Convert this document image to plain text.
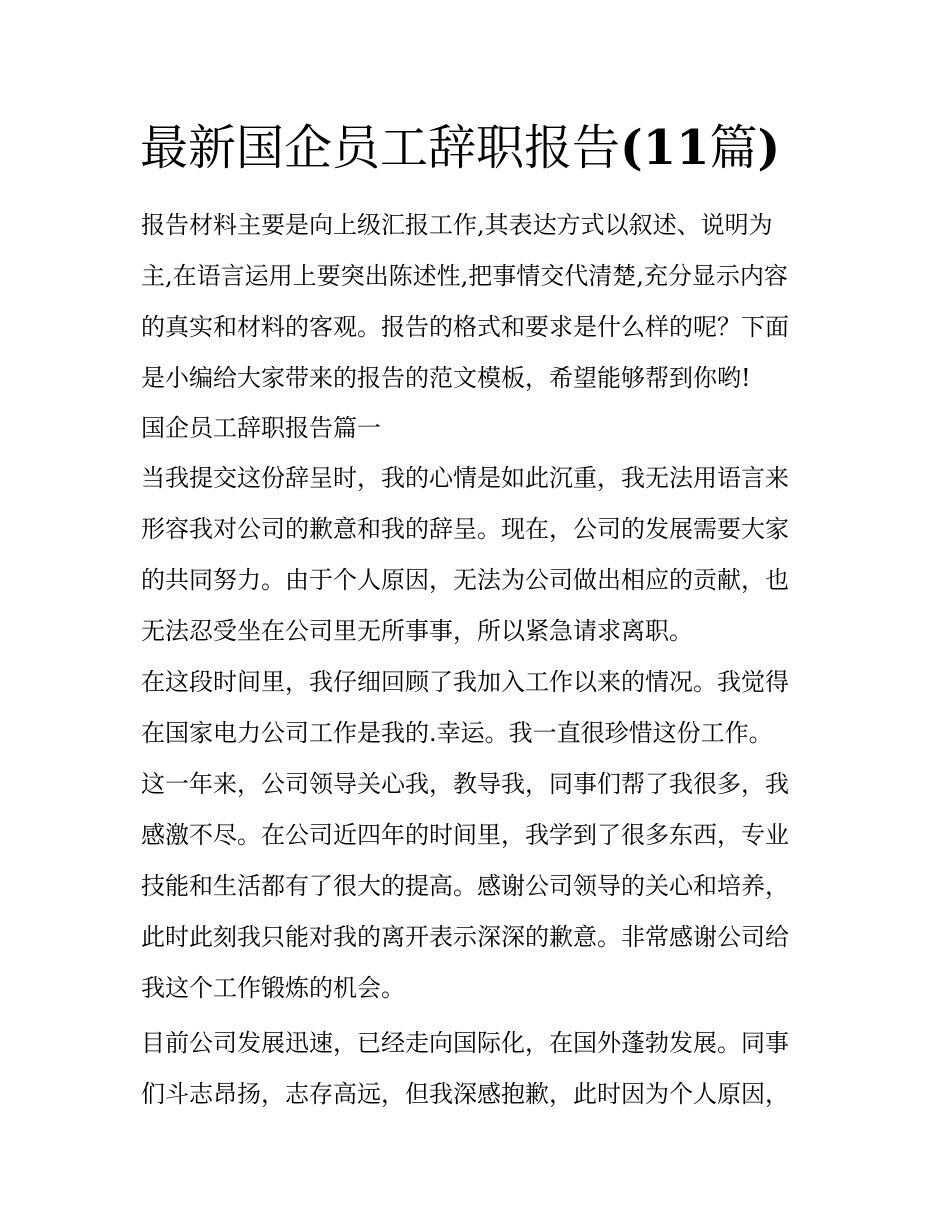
最新国企员工辞职报告(11篇)
报告材料主要是向上级汇报工作,其表达方式以叙述、说明为
主,在语言运用上要突出陈述性,把事情交代清楚,充分显示内容
的真实和材料的客观。报告的格式和要求是什么样的呢？下面
是小编给大家带来的报告的范文模板，希望能够帮到你哟!
国企员工辞职报告篇一
当我提交这份辞呈时，我的心情是如此沉重，我无法用语言来
形容我对公司的歉意和我的辞呈。现在，公司的发展需要大家
的共同努力。由于个人原因，无法为公司做出相应的贡献，也
无法忍受坐在公司里无所事事，所以紧急请求离职。
在这段时间里，我仔细回顾了我加入工作以来的情况。我觉得
在国家电力公司工作是我的.幸运。我一直很珍惜这份工作。
这一年来，公司领导关心我，教导我，同事们帮了我很多，我
感激不尽。在公司近四年的时间里，我学到了很多东西，专业
技能和生活都有了很大的提高。感谢公司领导的关心和培养，
此时此刻我只能对我的离开表示深深的歉意。非常感谢公司给
我这个工作锻炼的机会。
目前公司发展迅速，已经走向国际化，在国外蓬勃发展。同事
们斗志昂扬，志存高远，但我深感抱歉，此时因为个人原因，
